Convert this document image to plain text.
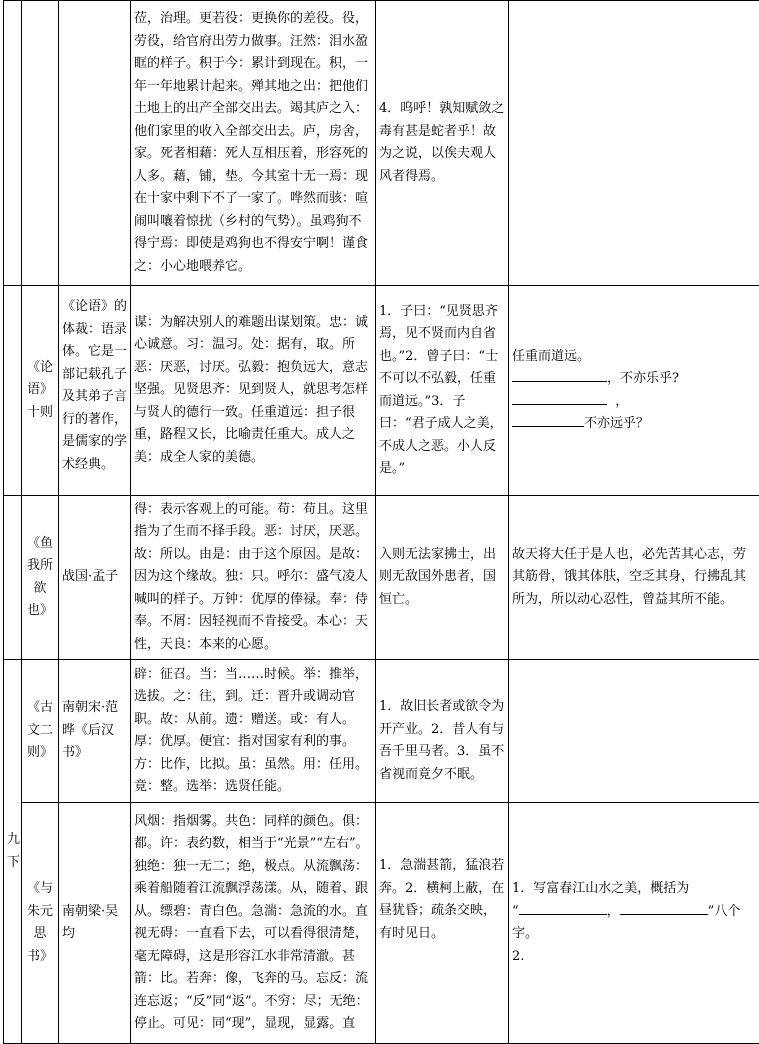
			莅，治理。更若役：更换你的差役。役，劳役，给官府出劳力做事。汪然：泪水盈眶的样子。积于今：累计到现在。积，一年一年地累计起来。殚其地之出：把他们土地上的出产全部交出去。竭其庐之入：他们家里的收入全部交出去。庐，房舍，家。死者相藉：死人互相压着，形容死的人多。藉，铺，垫。今其室十无一焉：现在十家中剩下不了一家了。哗然而骇：喧闹叫嚷着惊扰（乡村的气势）。虽鸡狗不得宁焉：即使是鸡狗也不得安宁啊！谨食之：小心地喂养它。	4．呜呼！孰知赋敛之毒有甚是蛇者乎！故为之说，以俟夫观人风者得焉。	
	《论语》十则	《论语》的体裁：语录体。它是一部记载孔子及其弟子言行的著作，是儒家的学术经典。	谋：为解决别人的难题出谋划策。忠：诚心诚意。习：温习。处：据有，取。所恶：厌恶，讨厌。弘毅：抱负远大，意志坚强。见贤思齐：见到贤人，就思考怎样与贤人的德行一致。任重道远：担子很重，路程又长，比喻责任重大。成人之美：成全人家的美德。	1．子曰：“见贤思齐焉，见不贤而内自省也。”2．曾子曰：“士不可以不弘毅，任重而道远。”3．子曰：“君子成人之美，不成人之恶。小人反是。”	任重而道远。
，不亦乐乎?  ，
不亦远乎？

	《鱼我所欲也》	战国·孟子	得：表示客观上的可能。苟：苟且。这里指为了生而不择手段。恶：讨厌，厌恶。故：所以。由是：由于这个原因。是故：因为这个缘故。独：只。呼尔：盛气凌人喊叫的样子。万钟：优厚的俸禄。奉：侍奉。不屑：因轻视而不肯接受。本心：天性，天良：本来的心愿。	入则无法家拂士，出则无敌国外患者，国恒亡。	故天将大任于是人也，必先苦其心志，劳其筋骨，饿其体肤，空乏其身，行拂乱其所为，所以动心忍性，曾益其所不能。
九下	《古文二则》	南朝宋·范晔《后汉书》	辟：征召。当：当……时候。举：推举，选拔。之：往，到。迁：晋升或调动官职。故：从前。遗：赠送。或：有人。厚：优厚。便宜：指对国家有利的事。方：比作，比拟。虽：虽然。用：任用。竟：整。选举：选贤任能。	1．故旧长者或欲令为开产业。2．昔人有与吾千里马者。3．虽不省视而竟夕不眠。	
	《与朱元思书》	南朝梁·吴均	风烟：指烟雾。共色：同样的颜色。俱：都。许：表约数，相当于“光景”“左右”。独绝：独一无二；绝，极点。从流飘荡：乘着船随着江流飘浮荡漾。从，随着、跟从。缥碧：青白色。急湍：急流的水。直视无碍：一直看下去，可以看得很清楚，毫无障碍，这是形容江水非常清澈。甚箭：比。若奔：像，飞奔的马。忘反：流连忘返；“反”同“返”。不穷：尽；无绝：停止。可见：同“现”，显现，显露。直	1．急湍甚箭，猛浪若奔。2．横柯上蔽，在昼犹昏；疏条交映，有时见日。	1．写富春江山水之美，概括为
“ ， ”八个
字。
2.
